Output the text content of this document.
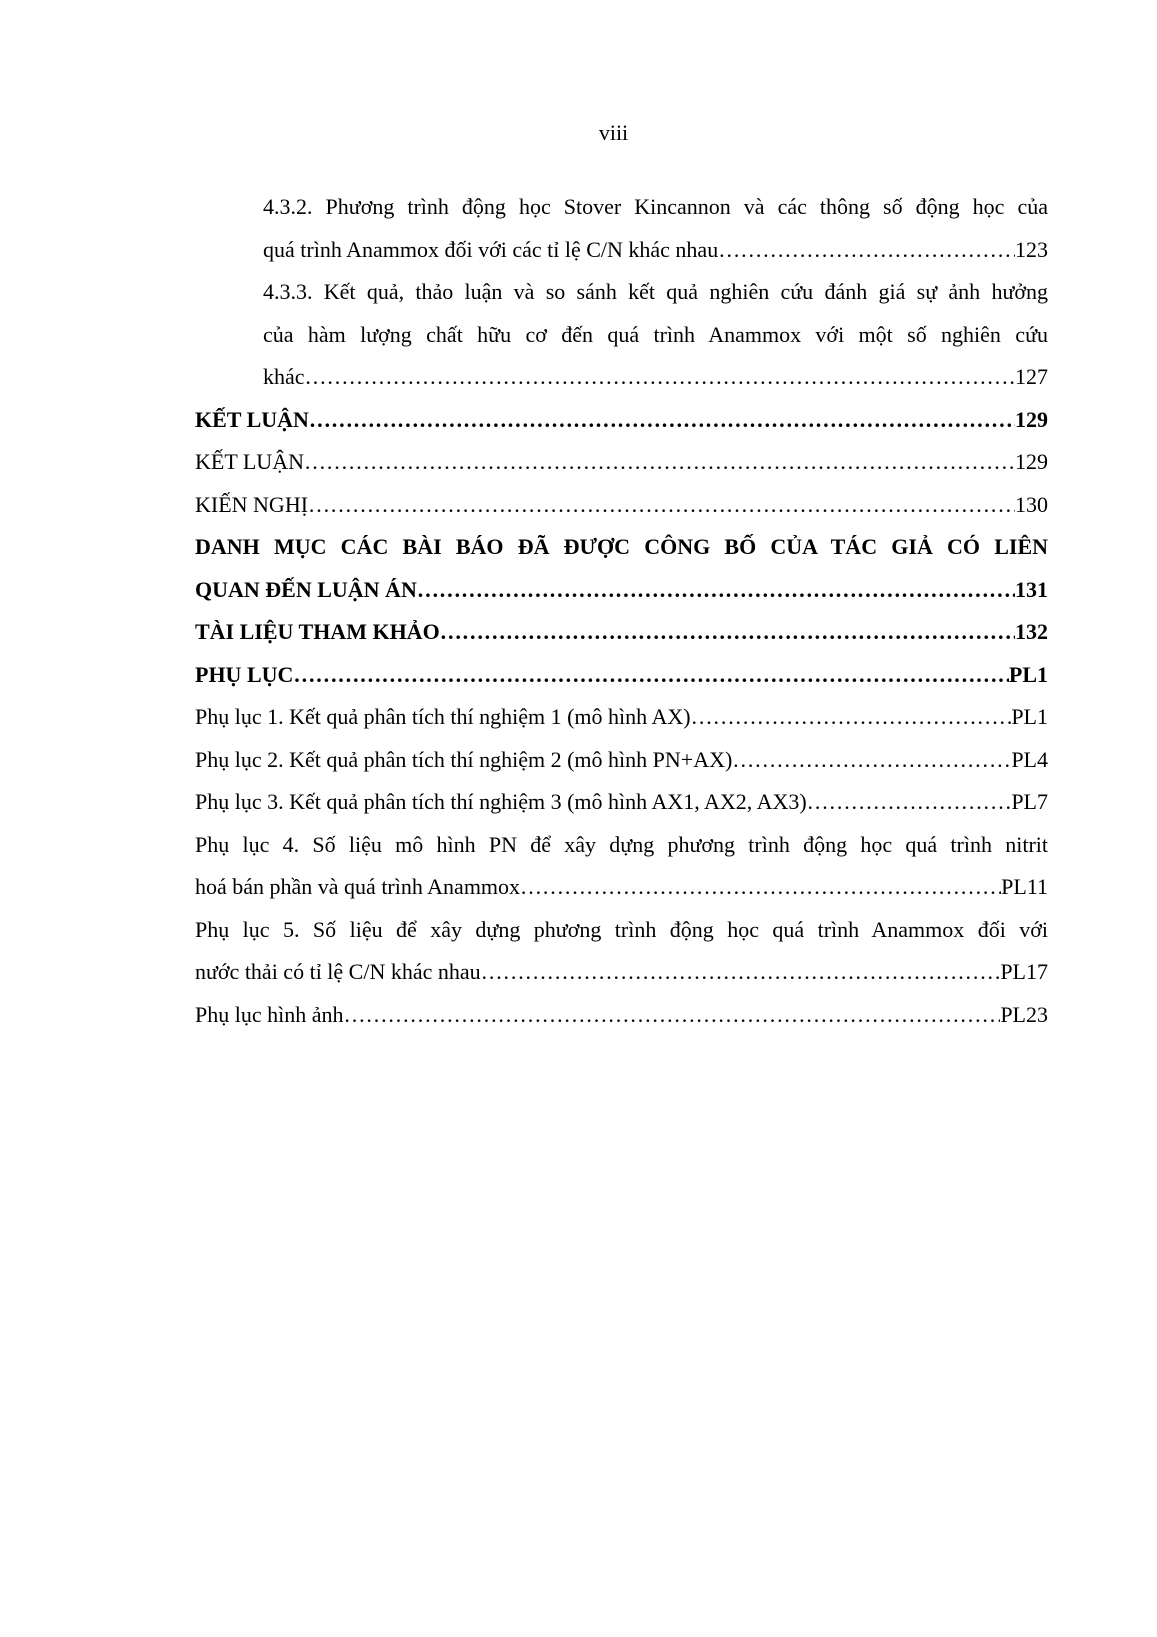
viii
4.3.2. Phương trình động học Stover Kincannon và các thông số động học của
quá trình Anammox đối với các tỉ lệ C/N khác nhau ……………………………………………………………………………………………………………………………………………………………………	123
4.3.3. Kết quả, thảo luận và so sánh kết quả nghiên cứu đánh giá sự ảnh hưởng
của hàm lượng chất hữu cơ đến quá trình Anammox với một số nghiên cứu
khác ……………………………………………………………………………………………………………………………………………………………………	127
KẾT LUẬN ……………………………………………………………………………………………………………………………………………………………………	129
KẾT LUẬN ……………………………………………………………………………………………………………………………………………………………………	129
KIẾN NGHỊ ……………………………………………………………………………………………………………………………………………………………………	130
DANH MỤC CÁC BÀI BÁO ĐÃ ĐƯỢC CÔNG BỐ CỦA TÁC GIẢ CÓ LIÊN
QUAN ĐẾN LUẬN ÁN ……………………………………………………………………………………………………………………………………………………………………	131
TÀI LIỆU THAM KHẢO ……………………………………………………………………………………………………………………………………………………………………	132
PHỤ LỤC ……………………………………………………………………………………………………………………………………………………………………	PL1
Phụ lục 1. Kết quả phân tích thí nghiệm 1 (mô hình AX) ……………………………………………………………………………………………………………………………………………………………………	PL1
Phụ lục 2. Kết quả phân tích thí nghiệm 2 (mô hình PN+AX) ……………………………………………………………………………………………………………………………………………………………………	PL4
Phụ lục 3. Kết quả phân tích thí nghiệm 3 (mô hình AX1, AX2, AX3) ……………………………………………………………………………………………………………………………………………………………………	PL7
Phụ lục 4. Số liệu mô hình PN để xây dựng phương trình động học quá trình nitrit
hoá bán phần và quá trình Anammox ……………………………………………………………………………………………………………………………………………………………………	PL11
Phụ lục 5. Số liệu để xây dựng phương trình động học quá trình Anammox đối với
nước thải có tỉ lệ C/N khác nhau ……………………………………………………………………………………………………………………………………………………………………	PL17
Phụ lục hình ảnh ……………………………………………………………………………………………………………………………………………………………………	PL23
